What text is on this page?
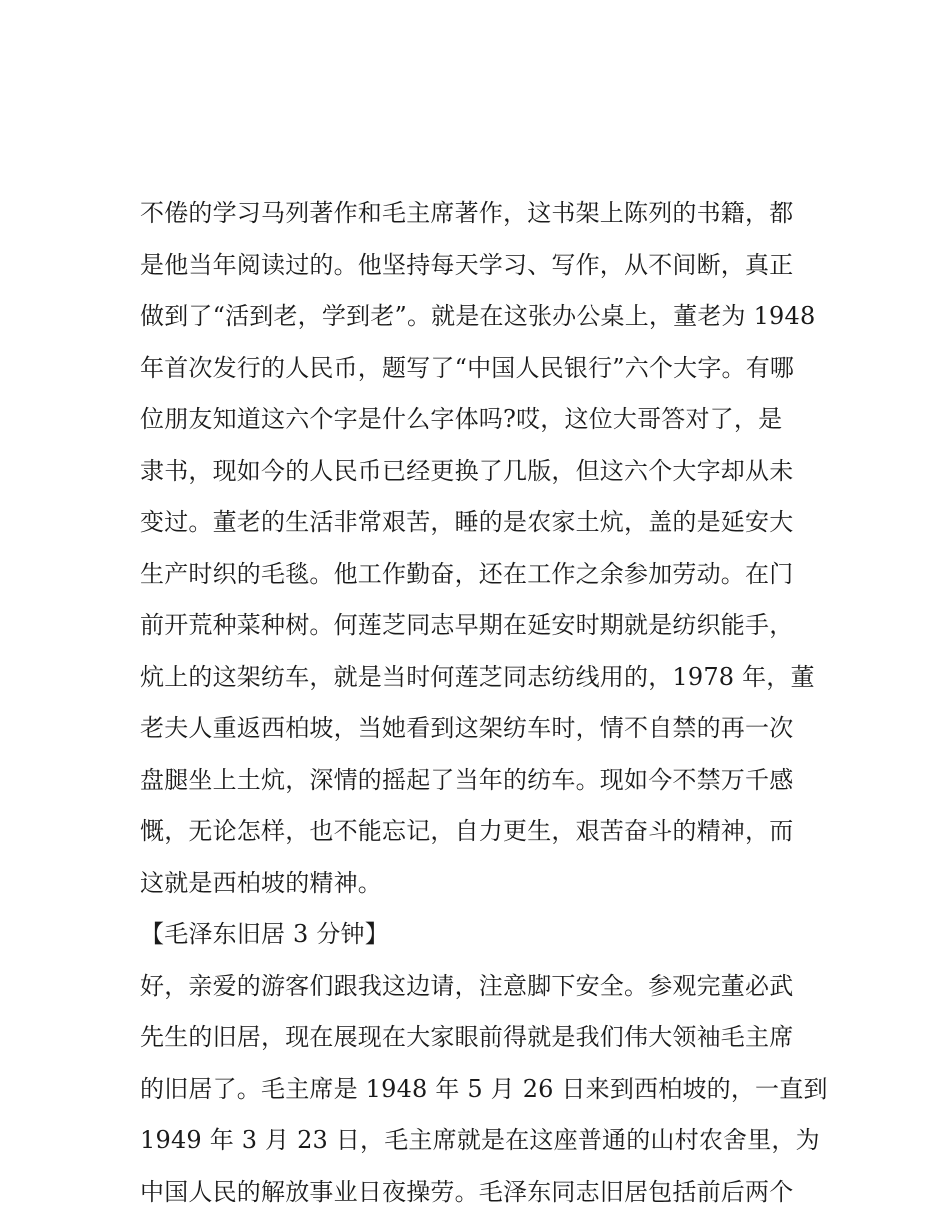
不倦的学习马列著作和毛主席著作，这书架上陈列的书籍，都
是他当年阅读过的。他坚持每天学习、写作，从不间断，真正
做到了“活到老，学到老”。就是在这张办公桌上，董老为 1948
年首次发行的人民币，题写了“中国人民银行”六个大字。有哪
位朋友知道这六个字是什么字体吗?哎，这位大哥答对了，是
隶书，现如今的人民币已经更换了几版，但这六个大字却从未
变过。董老的生活非常艰苦，睡的是农家土炕，盖的是延安大
生产时织的毛毯。他工作勤奋，还在工作之余参加劳动。在门
前开荒种菜种树。何莲芝同志早期在延安时期就是纺织能手，
炕上的这架纺车，就是当时何莲芝同志纺线用的，1978 年，董
老夫人重返西柏坡，当她看到这架纺车时，情不自禁的再一次
盘腿坐上土炕，深情的摇起了当年的纺车。现如今不禁万千感
慨，无论怎样，也不能忘记，自力更生，艰苦奋斗的精神，而
这就是西柏坡的精神。
【毛泽东旧居 3 分钟】
好，亲爱的游客们跟我这边请，注意脚下安全。参观完董必武
先生的旧居，现在展现在大家眼前得就是我们伟大领袖毛主席
的旧居了。毛主席是 1948 年 5 月 26 日来到西柏坡的，一直到
1949 年 3 月 23 日，毛主席就是在这座普通的山村农舍里，为
中国人民的解放事业日夜操劳。毛泽东同志旧居包括前后两个
